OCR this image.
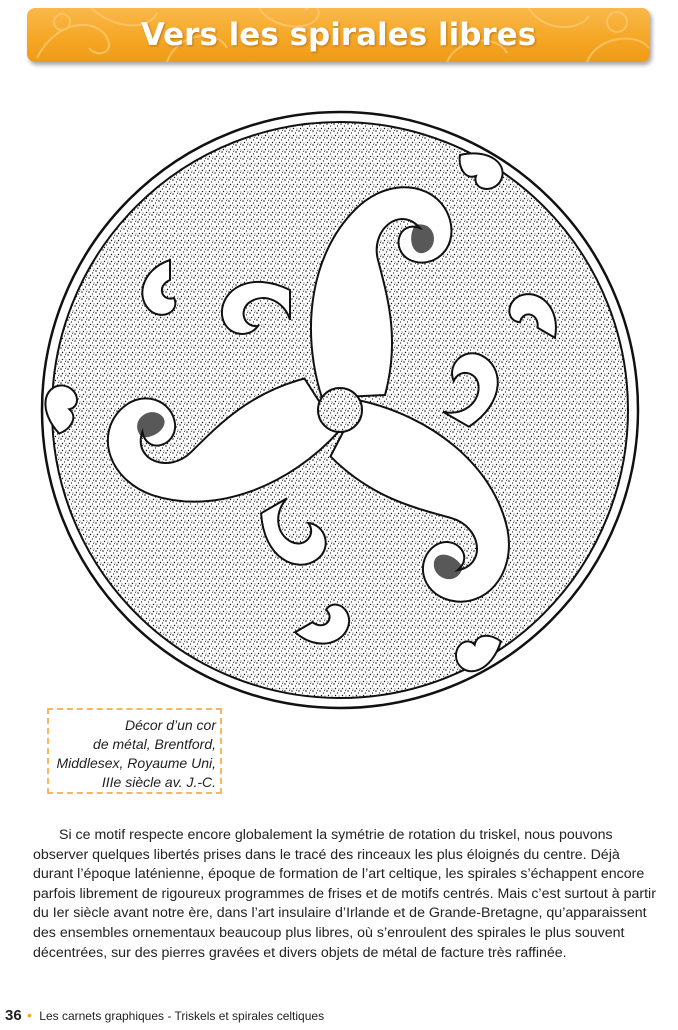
Vers les spirales libres
Décor d’un cor
de métal, Brentford,
Middlesex, Royaume Uni,
IIIe siècle av. J.-C.

Si ce motif respecte encore globalement la symétrie de rotation du triskel, nous pouvons observer quelques libertés prises dans le tracé des rinceaux les plus éloignés du centre. Déjà durant l’époque laténienne, époque de formation de l’art celtique, les spirales s’échappent encore parfois librement de rigoureux programmes de frises et de motifs centrés. Mais c’est surtout à partir du Ier siècle avant notre ère, dans l’art insulaire d’Irlande et de Grande-Bretagne, qu’apparaissent des ensembles ornementaux beaucoup plus libres, où s’enroulent des spirales le plus souvent décentrées, sur des pierres gravées et divers objets de métal de facture très raffinée.

36 • Les carnets graphiques - Triskels et spirales celtiques
